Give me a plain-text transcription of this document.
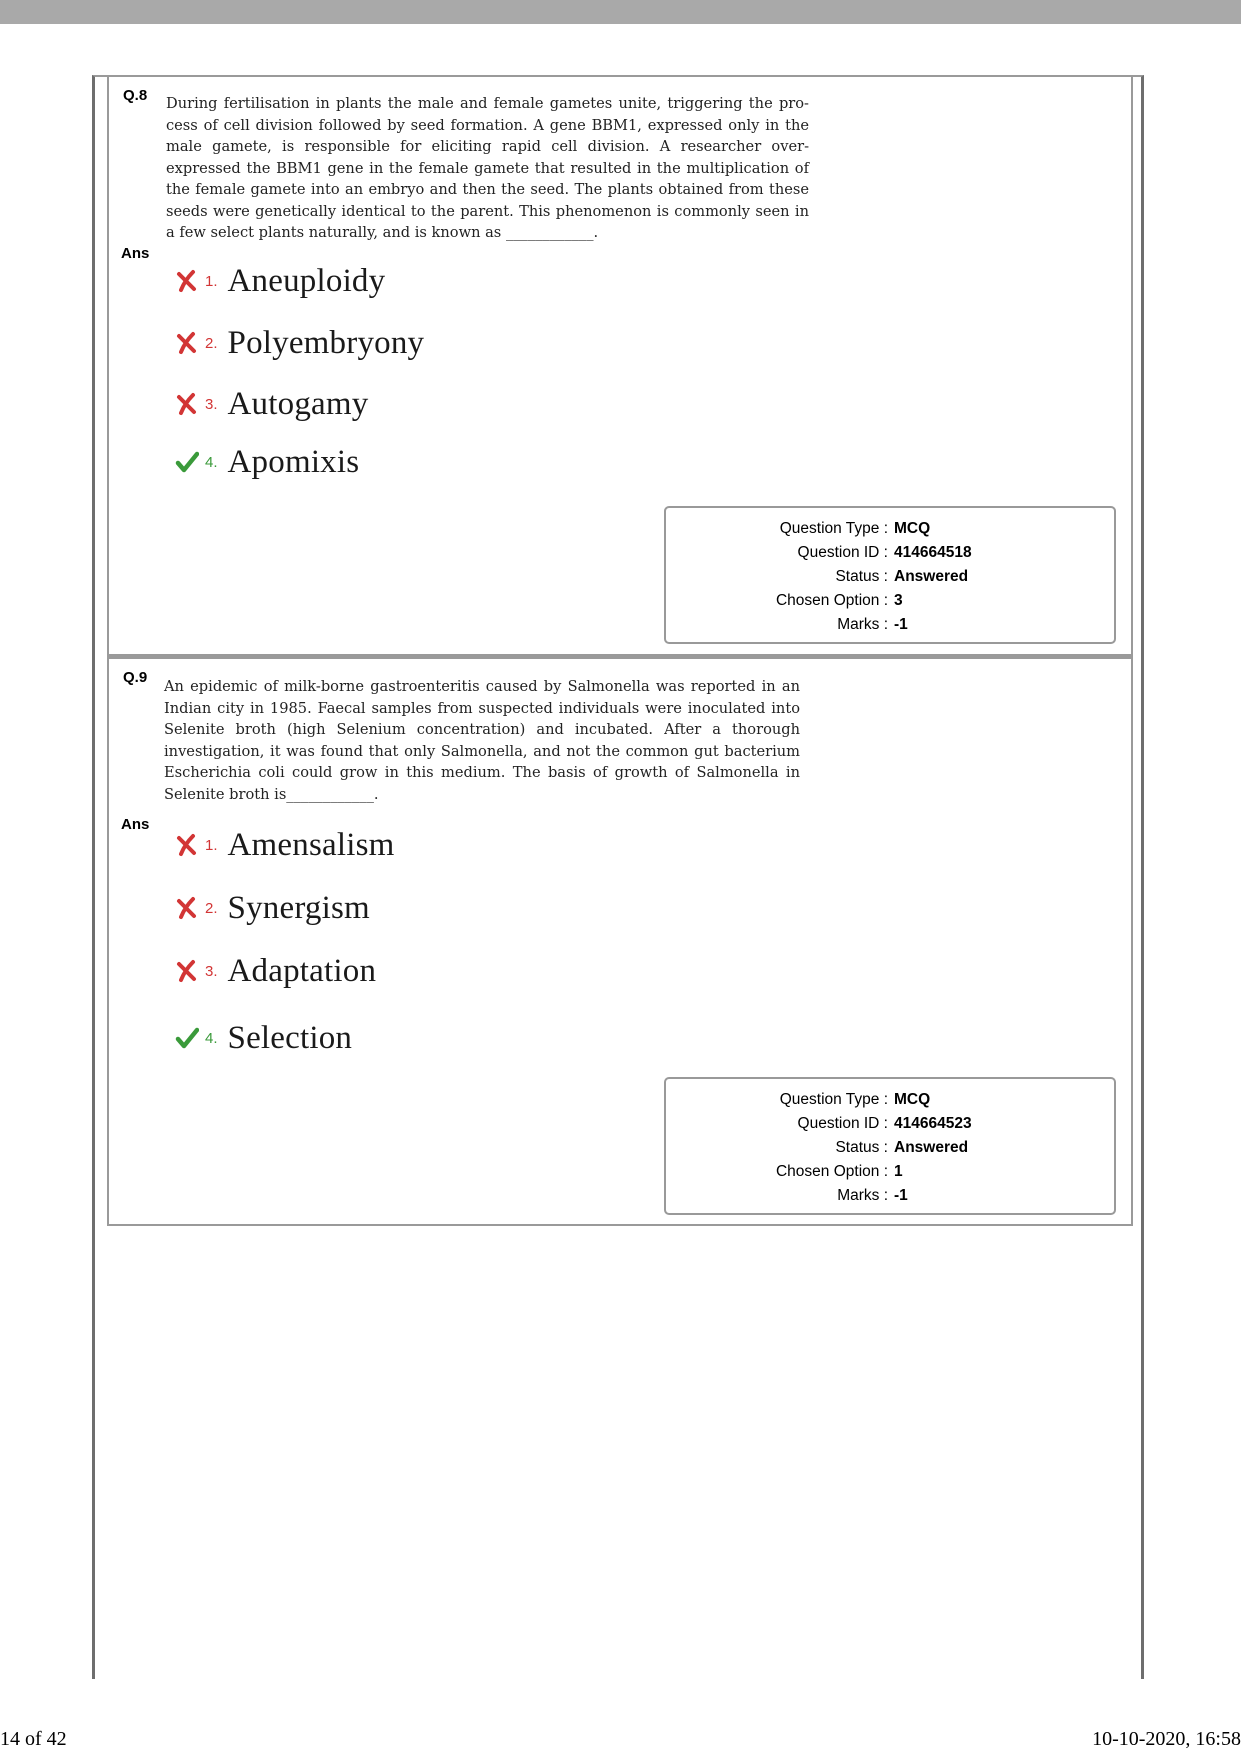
Q.8 During fertilisation in plants the male and female gametes unite, triggering the pro-cess of cell division followed by seed formation. A gene BBM1, expressed only in the male gamete, is responsible for eliciting rapid cell division. A researcher over-expressed the BBM1 gene in the female gamete that resulted in the multiplication of the female gamete into an embryo and then the seed. The plants obtained from these seeds were genetically identical to the parent. This phenomenon is commonly seen in a few select plants naturally, and is known as ____________.
Ans
1. Aneuploidy
2. Polyembryony
3. Autogamy
4. Apomixis
Question Type : MCQ
Question ID : 414664518
Status : Answered
Chosen Option : 3
Marks : -1
Q.9
An epidemic of milk-borne gastroenteritis caused by Salmonella was reported in an Indian city in 1985. Faecal samples from suspected individuals were inoculated into Selenite broth (high Selenium concentration) and incubated. After a thorough investigation, it was found that only Salmonella, and not the common gut bacterium Escherichia coli could grow in this medium. The basis of growth of Salmonella in Selenite broth is____________.
Ans
1. Amensalism
2. Synergism
3. Adaptation
4. Selection
Question Type : MCQ
Question ID : 414664523
Status : Answered
Chosen Option : 1
Marks : -1
14 of 42	10-10-2020, 16:58
